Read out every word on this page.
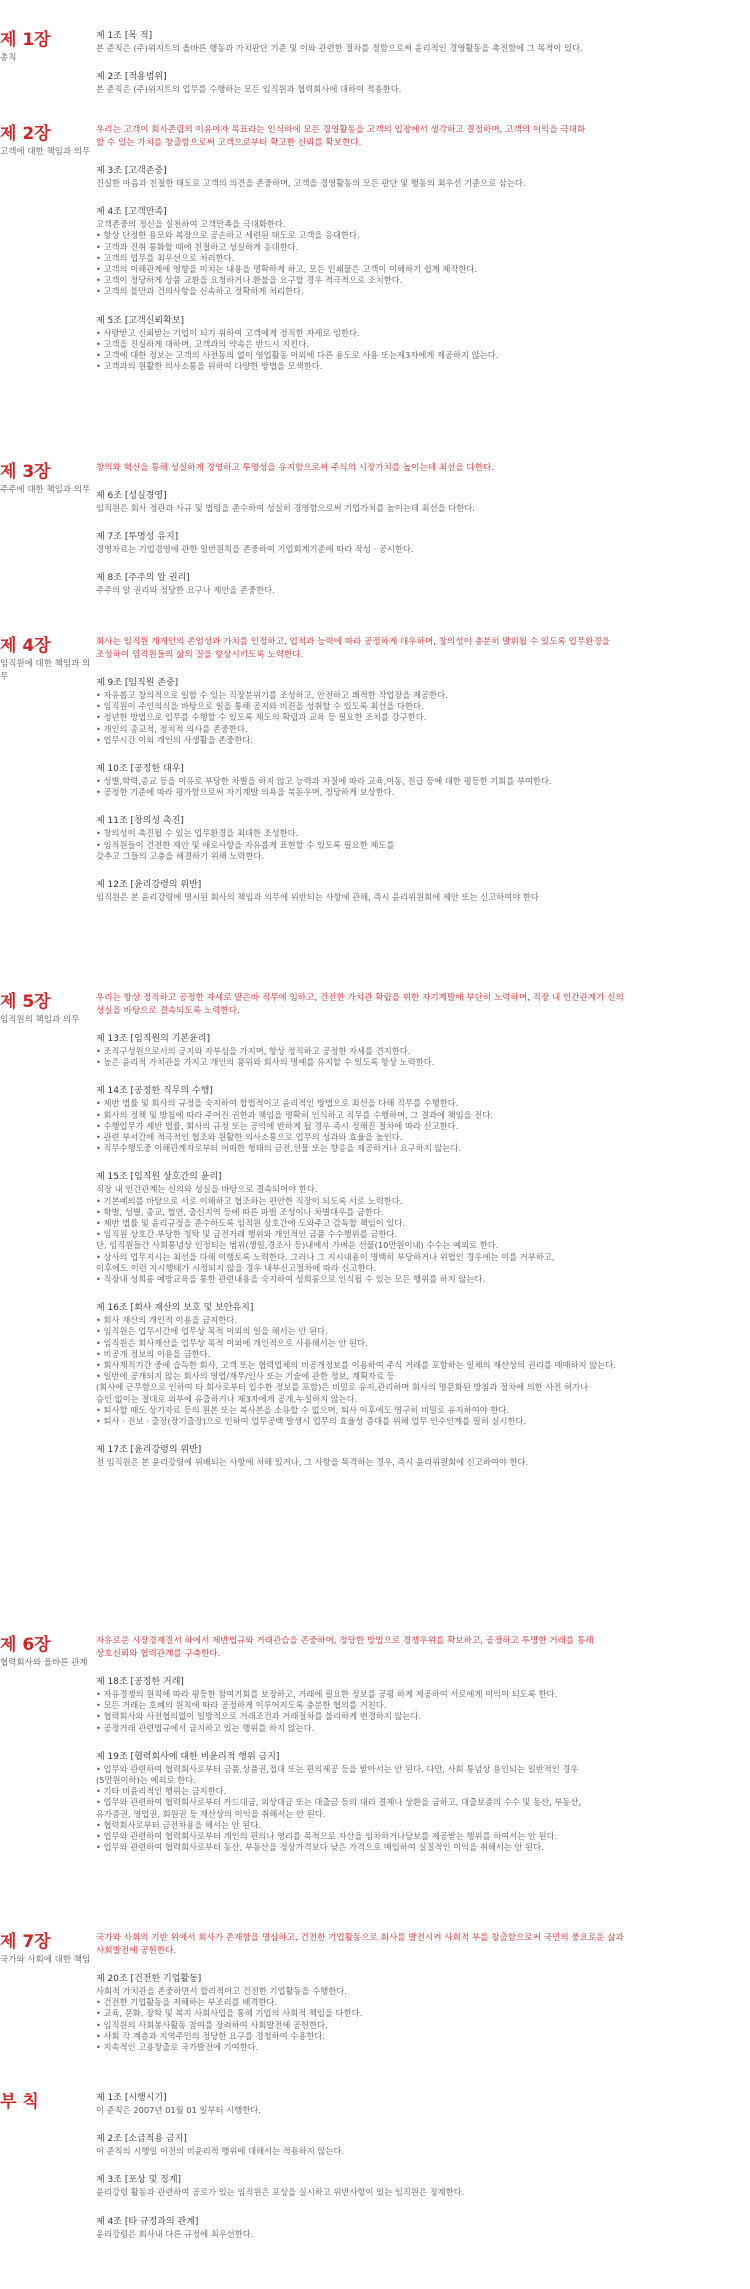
제 1장
총칙
제 1조 [목 적]
본 준칙은 (주)위지트의 올바른 행동과 가치판단 기준 및 이와 관련한 절차를 정함으로써 윤리적인 경영활동을 촉진함에 그 목적이 있다.
제 2조 [적용범위]
본 준칙은 (주)위지트의 업무를 수행하는 모든 임직원과 협력회사에 대하여 적용한다.
제 2장
고객에 대한 책임과 의무
우리는 고객이 회사존립의 이유이자 목표라는 인식하에 모든 경영활동을 고객의 입장에서 생각하고 결정하며, 고객의 이익을 극대화
할 수 있는 가치를 창출함으로써 고객으로부터 확고한 신뢰를 확보한다.
제 3조 [고객존중]
진실한 마음과 친절한 태도로 고객의 의견을 존중하며, 고객을 경영활동의 모든 판단 및 행동의 최우선 기준으로 삼는다.
제 4조 [고객만족]
고객존중의 정신을 실천하여 고객만족을 극대화한다.
• 항상 단정한 용모와 복장으로 공손하고 세련된 태도로 고객을 응대한다.
• 고객과 진취 통화할 때에 친절하고 성실하게 응대한다.
• 고객의 업무를 최우선으로 처리한다.
• 고객의 이해관계에 영향을 미치는 내용을 명확하게 하고, 모든 인쇄물은 고객이 이해하기 쉽게 제작한다.
• 고객이 정당하게 상품 교환을 요청하거나 환불을 요구할 경우 적극적으로 조치한다.
• 고객의 불만과 건의사항을 신속하고 정확하게 처리한다.
제 5조 [고객신뢰확보]
• 사랑받고 신뢰받는 기업이 되기 위하여 고객에게 정직한 자세로 임한다.
• 고객을 진실하게 대하며, 고객과의 약속은 반드시 지킨다.
• 고객에 대한 정보는 고객의 사전동의 없이 영업활동 이외에 다른 용도로 사용 또는제3자에게 제공하지 않는다.
• 고객과의 원활한 의사소통을 위하여 다양한 방법을 모색한다.
제 3장
주주에 대한 책임과 의무
창의와 혁신을 통해 성실하게 경영하고 투명성을 유지함으로써 주식의 시장가치를 높이는데 최선을 다한다.
제 6조 [성실경영]
임직원은 회사 정관과 사규 및 법령을 준수하여 성실히 경영함으로써 기업가치를 높이는데 최선을 다한다.
제 7조 [투명성 유지]
경영자료는 기업경영에 관한 일반원칙을 존중하여 기업회계기준에 따라 작성 · 공시한다.
제 8조 [주주의 알 권리]
주주의 알 권리와 정당한 요구나 제안을 존중한다.
제 4장
임직원에 대한 책임과 의무
회사는 임직원 개개인의 존엄성과 가치를 인정하고, 업적과 능력에 따라 공정하게 대우하며, 창의성이 충분히 발휘될 수 있도록 업무환경을
조성하여 임직원들의 삶의 질을 향상시키도록 노력한다.
제 9조 [임직원 존중]
• 자유롭고 창의적으로 일할 수 있는 직장분위기를 조성하고, 안전하고 쾌적한 작업장을 제공한다.
• 임직원이 주인의식을 바탕으로 일을 통해 공지와 비젼을 성취할 수 있도록 최선을 다한다.
• 정년한 방법으로 업무를 수행할 수 있도록 제도의 확립과 교육 등 필요한 조치를 강구한다.
• 개인의 종교적, 정치적 의사를 존중한다.
• 업무시간 이외 개인의 사생활을 존중한다.
제 10조 [공정한 대우]
• 성별,학력,종교 등을 이유로 부당한 차별을 하지 않고 능력과 자질에 따라 교육,이동, 진급 등에 대한 평등한 기회를 부여한다.
• 공정한 기준에 따라 평가함으로써 자기계발 의욕을 북돋우며, 정당하게 보상한다.
제 11조 [창의성 촉진]
• 창의성이 촉진될 수 있는 업무환경을 최대한 조성한다.
• 임직원들이 건전한 제안 및 애로사항을 자유롭게 표현할 수 있도록 필요한 제도를
갖추고 그들의 고충을 해결하기 위해 노력한다.
제 12조 [윤리강령의 위반]
임직원은 본 윤리강령에 명시된 회사의 책임과 의무에 위반되는 사항에 관해, 즉시 윤리위원회에 제안 또는 신고하여야 한다
제 5장
임직원의 책임과 의무
우리는 항상 정직하고 공정한 자세로 맡은바 직무에 임하고, 건전한 가치관 확립을 위한 자기계발에 부단히 노력하며, 직장 내 인간관계가 신의
성실을 바탕으로 결속되도록 노력한다.
제 13조 [임직원의 기본윤리]
• 조직구성원으로서의 긍지와 자부심을 가지며, 항상 정직하고 공정한 자세를 견지한다.
• 높은 윤리적 가치관을 가지고 개인의 품위와 회사의 명예를 유지할 수 있도록 항상 노력한다.
제 14조 [공정한 직무의 수행]
• 제반 법률 및 회사의 규정을 숙지하여 합법적이고 윤리적인 방법으로 최선을 다해 직무를 수행한다.
• 회사의 정책 및 방침에 따라 주어진 권한과 책임을 명확히 인식하고 직무를 수행하며, 그 결과에 책임을 진다.
• 수행업무가 제반 법률, 회사의 규정 또는 공익에 반하게 될 경우 즉시 정해진 절차에 따라 신고한다.
• 관련 부서간에 적극적인 협조와 원활한 의사소통으로 업무의 성과와 효율을 높인다.
• 직무수행도중 이해관계자로부터 어떠한 형태의 금전,선물 또는 향응을 제공하거나 요구하지 않는다.
제 15조 [임직원 상호간의 윤리]
직장 내 인간관계는 신의와 성실을 바탕으로 결속되어야 한다.
• 기본예의를 바탕으로 서로 이해하고 협조하는 편안한 직장이 되도록 서로 노력한다.
• 학벌, 성별, 종교, 혈연, 출신지역 등에 따른 파벌 조성이나 차별대우를 금한다.
• 제반 법률 및 윤리규정을 준수하도록 임직원 상호간에 도와주고 감독할 책임이 있다.
• 임직원 상호간 부당한 청탁 및 금전거래 행위와 개인적인 금품 수수행위를 금한다.
단, 임직원들간 사회통념상 인정되는 범위(생일,경조사 등)내에서 가벼운 선물(10만원이내) 수수는 예외로 한다.
• 상사의 업무지시는 최선을 다해 이행토록 노력한다. 그러나 그 지시내용이 명백히 부당하거나 위법인 경우에는 이를 거부하고,
이후에도 이런 지시행태가 시정되지 않을 경우 내부신고절차에 따라 신고한다.
• 직장내 성희롱 예방교육을 통한 관련내용을 숙지하여 성희롱으로 인식될 수 있는 모든 행위를 하지 않는다.
제 16조 [회사 재산의 보호 및 보안유지]
• 회사 재산의 개인적 이용을 금지한다.
• 임직원은 업무시간에 업무상 목적 이외의 일을 해서는 안 된다.
• 임직원은 회사재산을 업무상 목적 이외에 개인적으로 사용해서는 안 된다.
• 비공개 정보의 이용을 금한다.
• 회사재직기간 중에 습득한 회사, 고객 또는 협력업체의 비공개정보를 이용하여 주식 거래를 포함하는 일체의 재산상의 권리를 매매하지 않는다.
• 일반에 공개되지 않는 회사의 영업/재무/인사 또는 기술에 관한 정보, 계획자료 등
(회사에 근무함으로 인하여 타 회사로부터 입수한 정보를 포함)은 비밀로 유지,관리하며 회사의 명문화된 방침과 절차에 의한 사전 허가나
승인 없이는 절대로 외부에 유출하거나 제3자에게 공개,누설하지 않는다.
• 퇴사할 때도 상기자료 등의 원본 또는 복사본을 소유할 수 없으며, 퇴사 이후에도 영구히 비밀로 유지하여야 한다.
• 퇴사 · 전보 · 출장(장기출장)으로 인하여 업무공백 발생시 업무의 효율성 증대를 위해 업무 인수인계를 필히 실시한다.
제 17조 [윤리강령의 위반]
전 임직원은 본 윤리강령에 위배되는 사항에 처해 있거나, 그 사항을 목격하는 경우, 즉시 윤리위원회에 신고하여야 한다.
제 6장
협력회사와 올바른 관계
자유로운 시장경제질서 하에서 제반법규와 거래관습을 존중하며, 정당한 방법으로 경쟁우위를 확보하고, 공정하고 투명한 거래를 통해
상호신뢰와 협력관계를 구축한다.
제 18조 [공정한 거래]
• 자유경쟁의 원칙에 따라 평등한 참여기회를 보장하고, 거래에 필요한 정보를 공평 하게 제공하여 서로에게 이익이 되도록 한다.
• 모든 거래는 호혜의 원칙에 따라 공정하게 이루어지도록 충분한 협의를 거친다.
• 협력회사와 사전협의없이 일방적으로 거래조건과 거래절차를 불리하게 변경하지 않는다.
• 공정거래 관련법규에서 금지하고 있는 행위를 하지 않는다.
제 19조 [협력회사에 대한 비윤리적 행위 금지]
• 업무와 관련하여 협력회사로부터 금품,상품권,접대 또는 편의제공 등을 받아서는 안 된다. 다만, 사회 통념상 용인되는 일반적인 경우
(5만원이하)는 예외로 한다.
• 기타 비윤리적인 행위는 금지한다.
• 업무와 관련하여 협력회사로부터 카드대금, 외상대금 또는 대출금 등의 대리 결제나 상환을 금하고, 대출보증의 수수 및 동산, 부동산,
유가증권, 영업권, 회원권 등 재산상의 이익을 취해서는 안 된다.
• 협력회사로부터 금전차용을 해서는 안 된다.
• 업무와 관련하여 협력회사로부터 개인의 편의나 영리를 목적으로 자산을 임차하거나담보를 제공받는 행위를 하여서는 안 된다.
• 업무와 관련하여 협력회사로부터 동산, 부동산을 정상가격보다 낮은 가격으로 매입하여 실질적인 이익을 취해서는 안 된다.
제 7장
국가와 사회에 대한 책임
국가와 사회의 기반 위에서 회사가 존재함을 명심하고, 건전한 기업활동으로 회사를 발전시켜 사회적 부를 창출함으로써 국민의 풍요로운 삶과
사회발전에 공헌한다.
제 20조 [건전한 기업활동]
사회적 가치관을 존중하면서 합리적이고 건전한 기업활동을 수행한다.
• 건전한 기업활동을 저해하는 부조리를 배격한다.
• 교육, 문화, 장학 및 복지 사회사업을 통해 기업의 사회적 책임을 다한다.
• 임직원의 사회봉사활동 참여를 장려하여 사회발전에 공헌한다.
• 사회 각 계층과 지역주민의 정당한 요구를 경청하여 수용한다.
• 지속적인 고용창출로 국가발전에 기여한다.
부 칙	제 1조 [시행시기]
이 준칙은 2007년 01월 01 일부터 시행한다.
제 2조 [소급적용 금지]
이 준칙의 시행일 이전의 비윤리적 행위에 대해서는 적용하지 않는다.
제 3조 [포상 및 징계]
윤리강령 활동과 관련하여 공로가 있는 임직원은 포상을 실시하고 위반사항이 있는 임직원은 징계한다.
제 4조 [타 규정과의 관계]
윤리강령은 회사내 다른 규정에 최우선한다.
